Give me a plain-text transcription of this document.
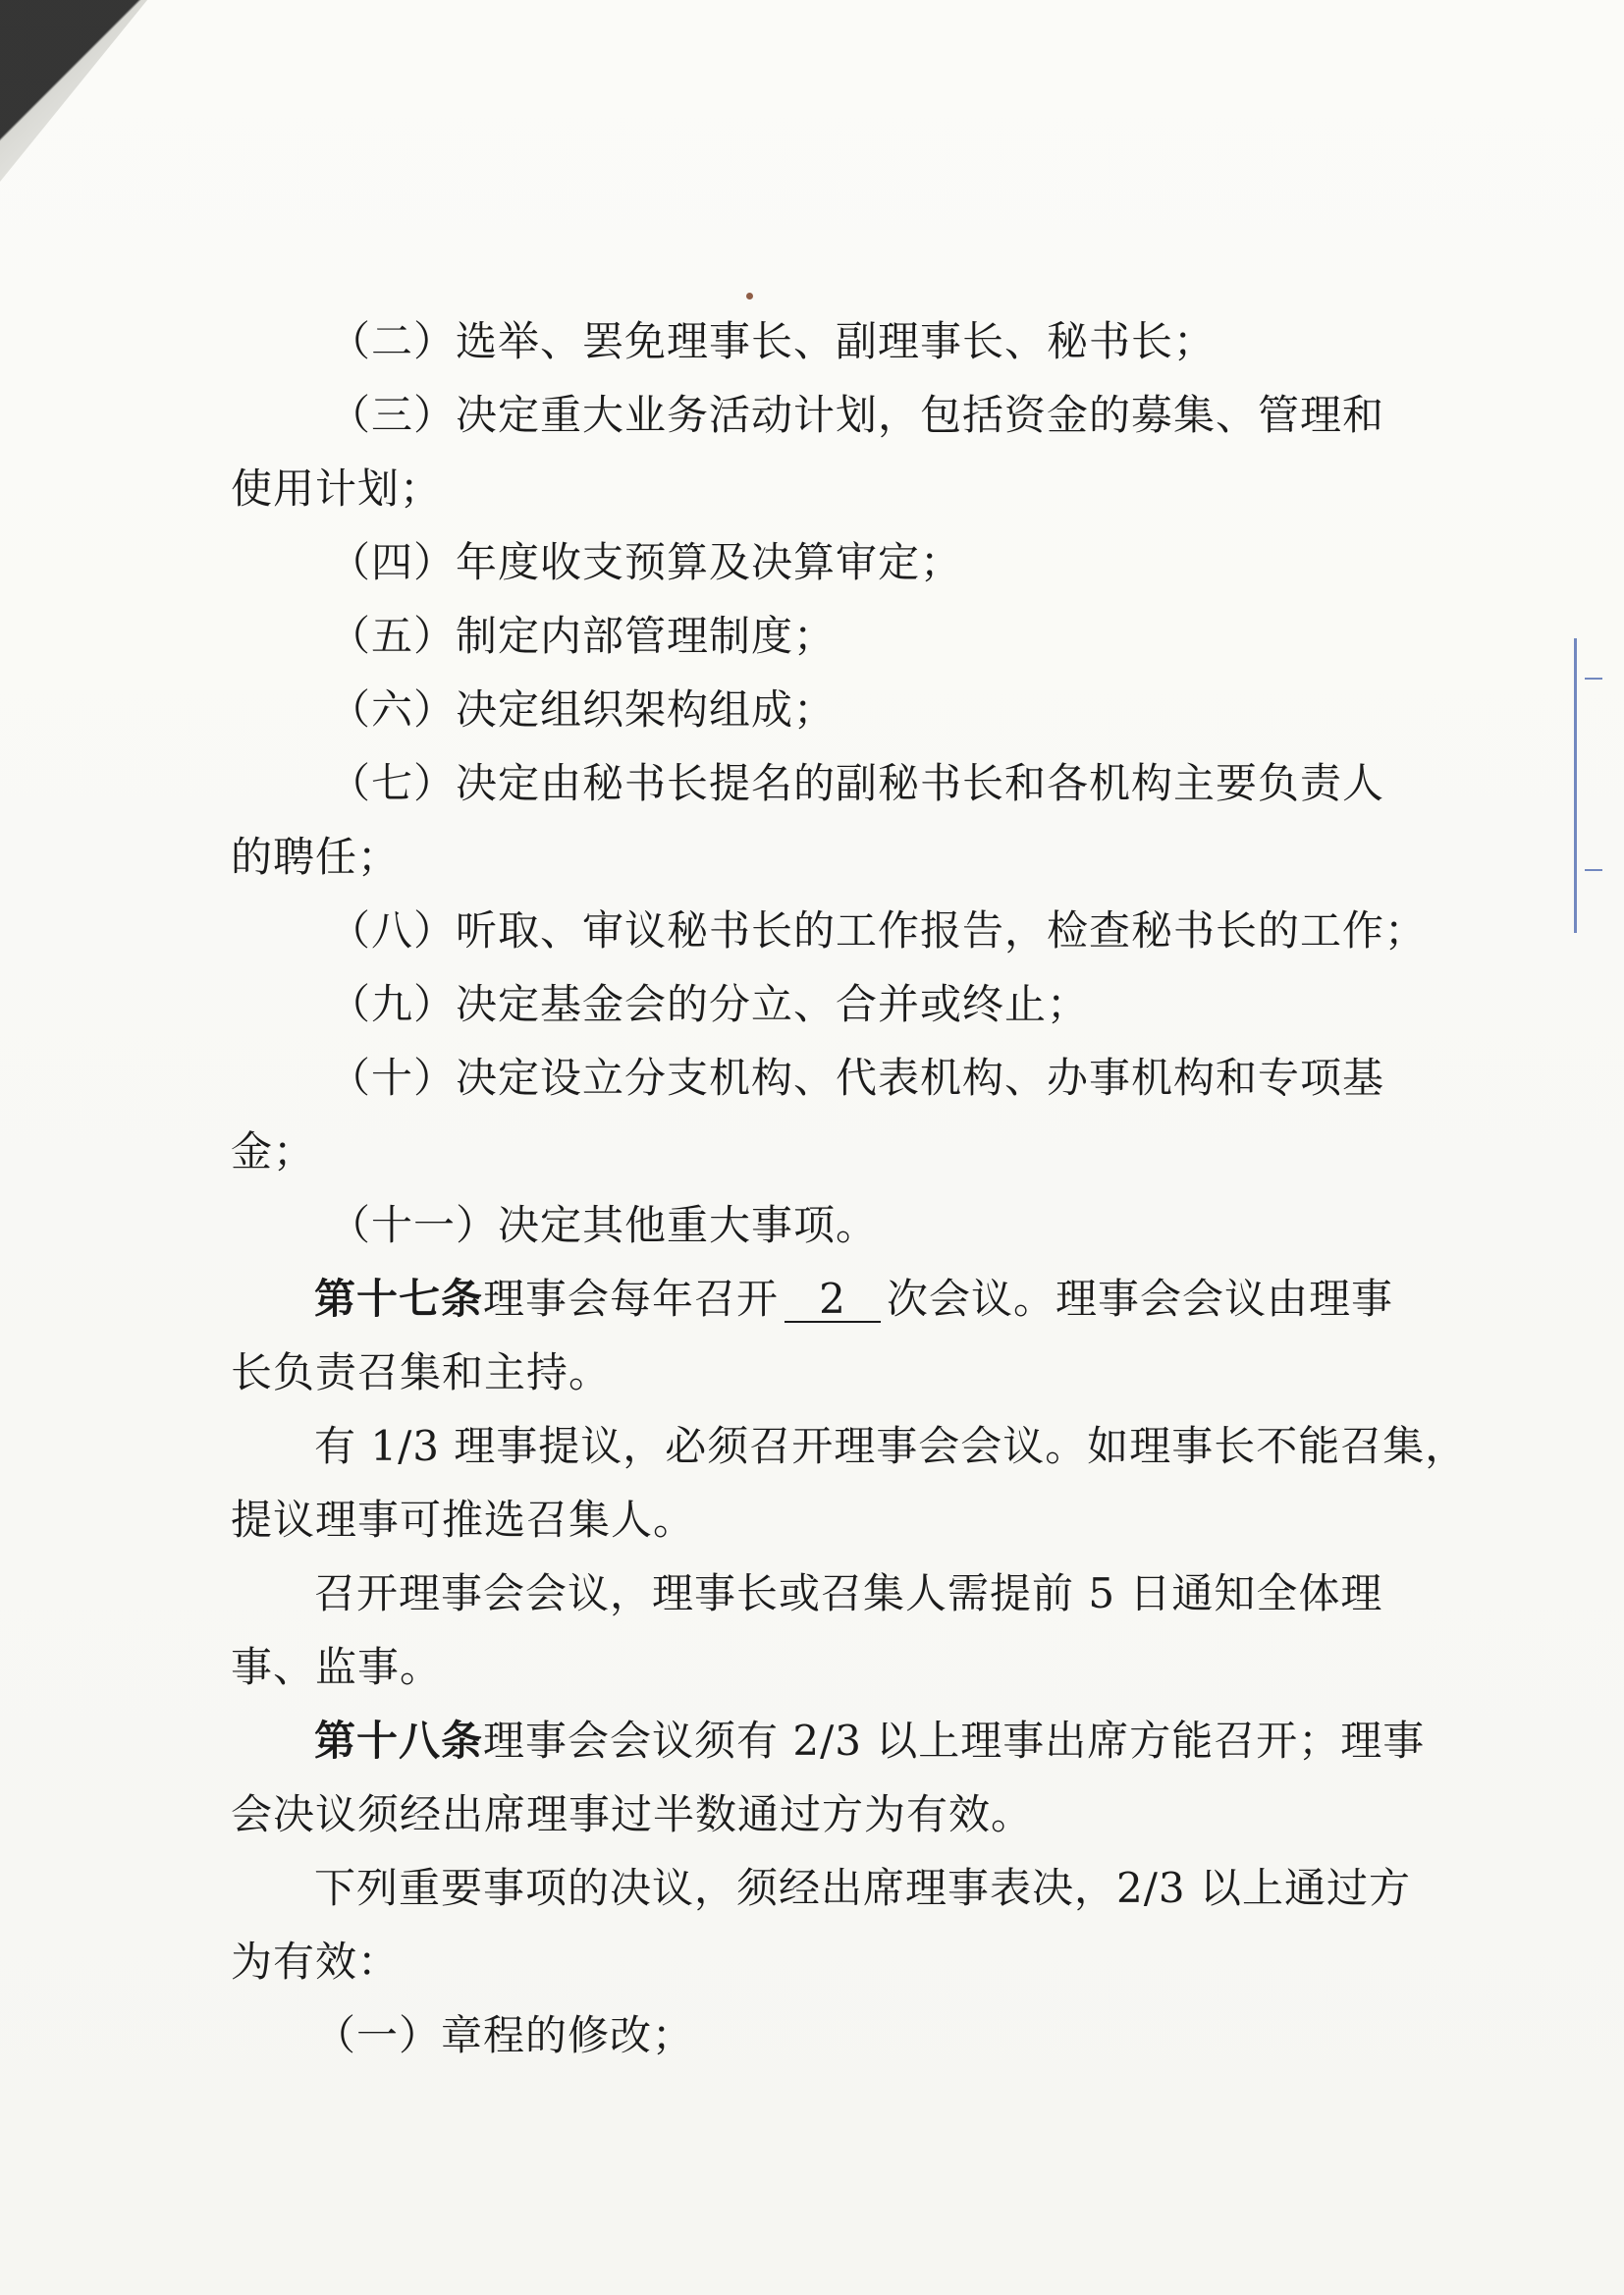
（二）选举、罢免理事长、副理事长、秘书长；
（三）决定重大业务活动计划，包括资金的募集、管理和
使用计划；
（四）年度收支预算及决算审定；
（五）制定内部管理制度；
（六）决定组织架构组成；
（七）决定由秘书长提名的副秘书长和各机构主要负责人
的聘任；
（八）听取、审议秘书长的工作报告，检查秘书长的工作；
（九）决定基金会的分立、合并或终止；
（十）决定设立分支机构、代表机构、办事机构和专项基
金；
（十一）决定其他重大事项。
第十七条理事会每年召开 2 次会议。理事会会议由理事
长负责召集和主持。
有 1/3 理事提议，必须召开理事会会议。如理事长不能召集，
提议理事可推选召集人。
召开理事会会议，理事长或召集人需提前 5 日通知全体理
事、监事。
第十八条理事会会议须有 2/3 以上理事出席方能召开；理事
会决议须经出席理事过半数通过方为有效。
下列重要事项的决议，须经出席理事表决，2/3 以上通过方
为有效：
（一）章程的修改；
